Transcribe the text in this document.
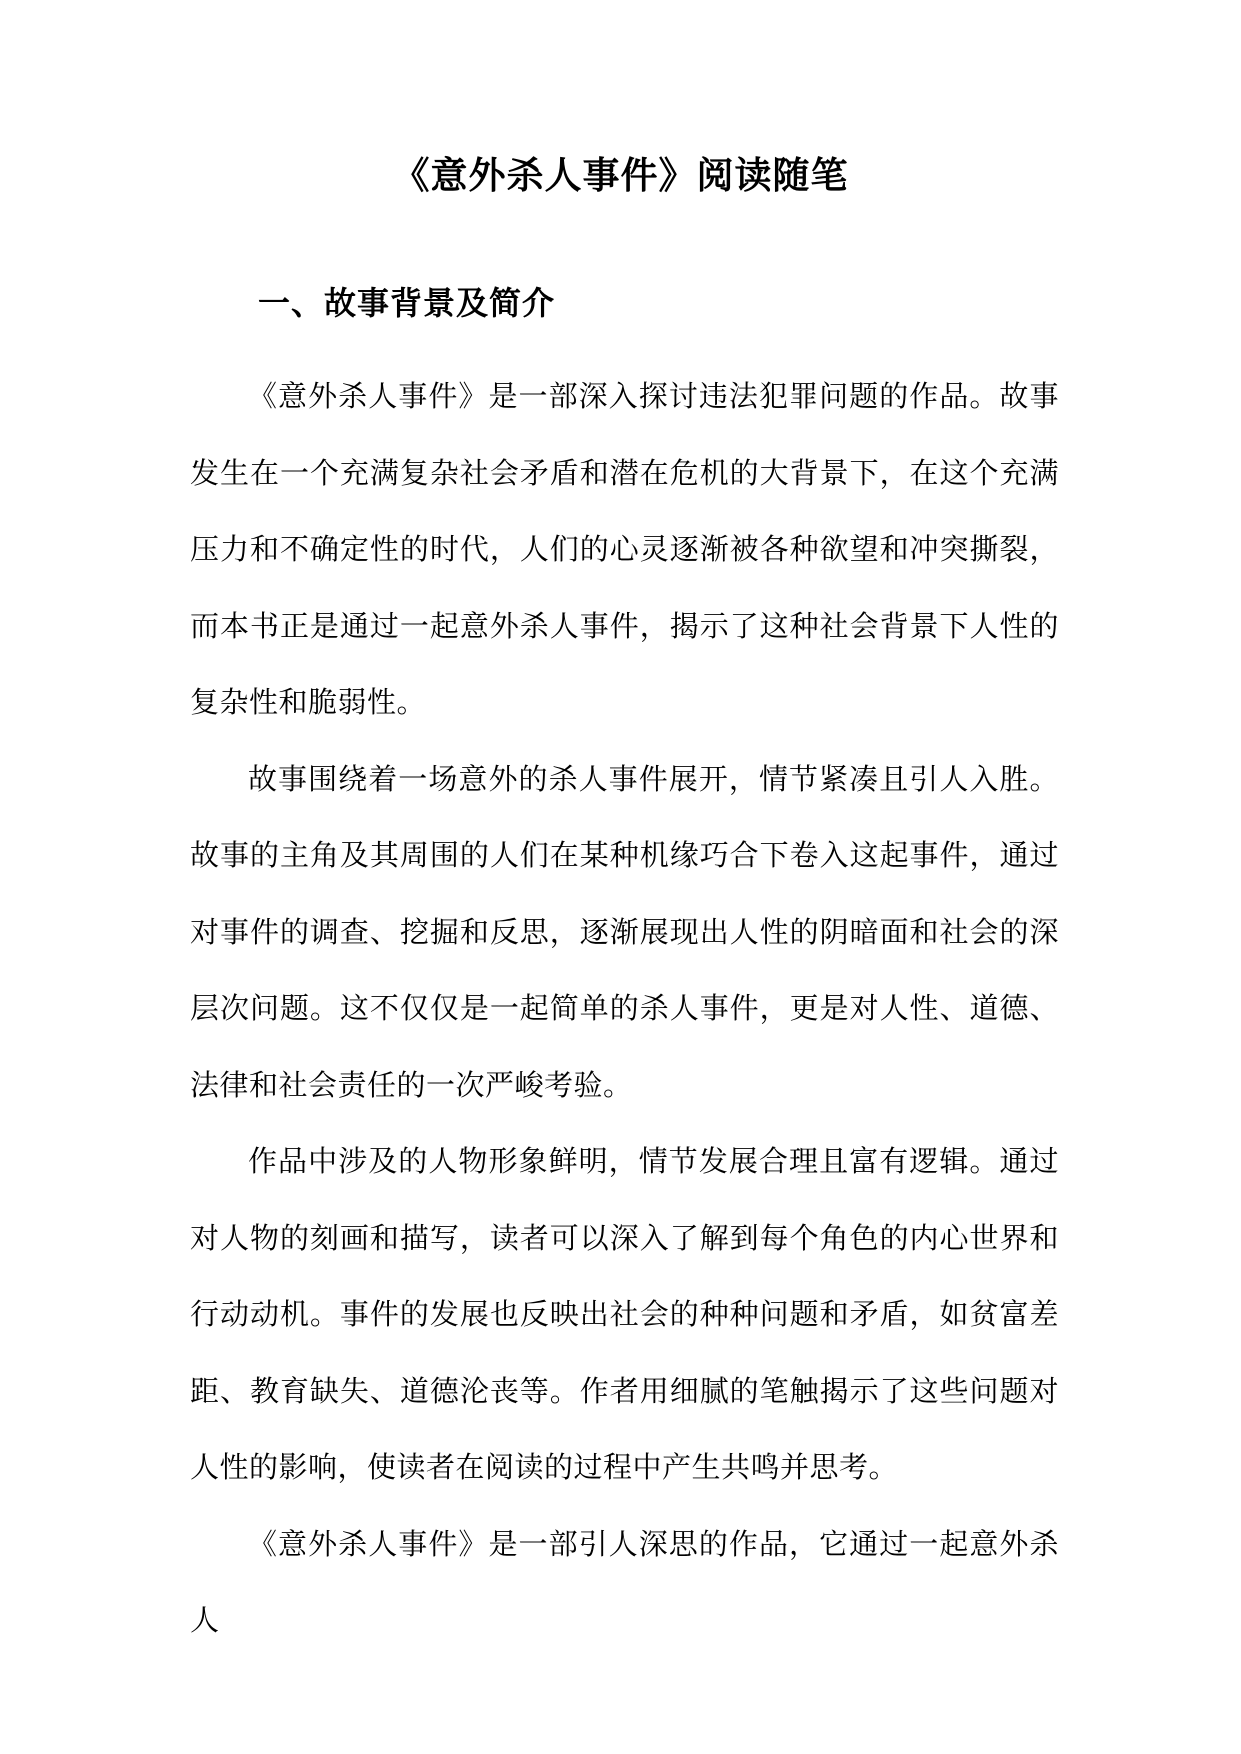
《意外杀人事件》阅读随笔
一、故事背景及简介

《意外杀人事件》是一部深入探讨违法犯罪问题的作品。故事发生在一个充满复杂社会矛盾和潜在危机的大背景下，在这个充满压力和不确定性的时代，人们的心灵逐渐被各种欲望和冲突撕裂，而本书正是通过一起意外杀人事件，揭示了这种社会背景下人性的复杂性和脆弱性。

故事围绕着一场意外的杀人事件展开，情节紧凑且引人入胜。故事的主角及其周围的人们在某种机缘巧合下卷入这起事件，通过对事件的调查、挖掘和反思，逐渐展现出人性的阴暗面和社会的深层次问题。这不仅仅是一起简单的杀人事件，更是对人性、道德、法律和社会责任的一次严峻考验。

作品中涉及的人物形象鲜明，情节发展合理且富有逻辑。通过对人物的刻画和描写，读者可以深入了解到每个角色的内心世界和行动动机。事件的发展也反映出社会的种种问题和矛盾，如贫富差距、教育缺失、道德沦丧等。作者用细腻的笔触揭示了这些问题对人性的影响，使读者在阅读的过程中产生共鸣并思考。

《意外杀人事件》是一部引人深思的作品，它通过一起意外杀人
